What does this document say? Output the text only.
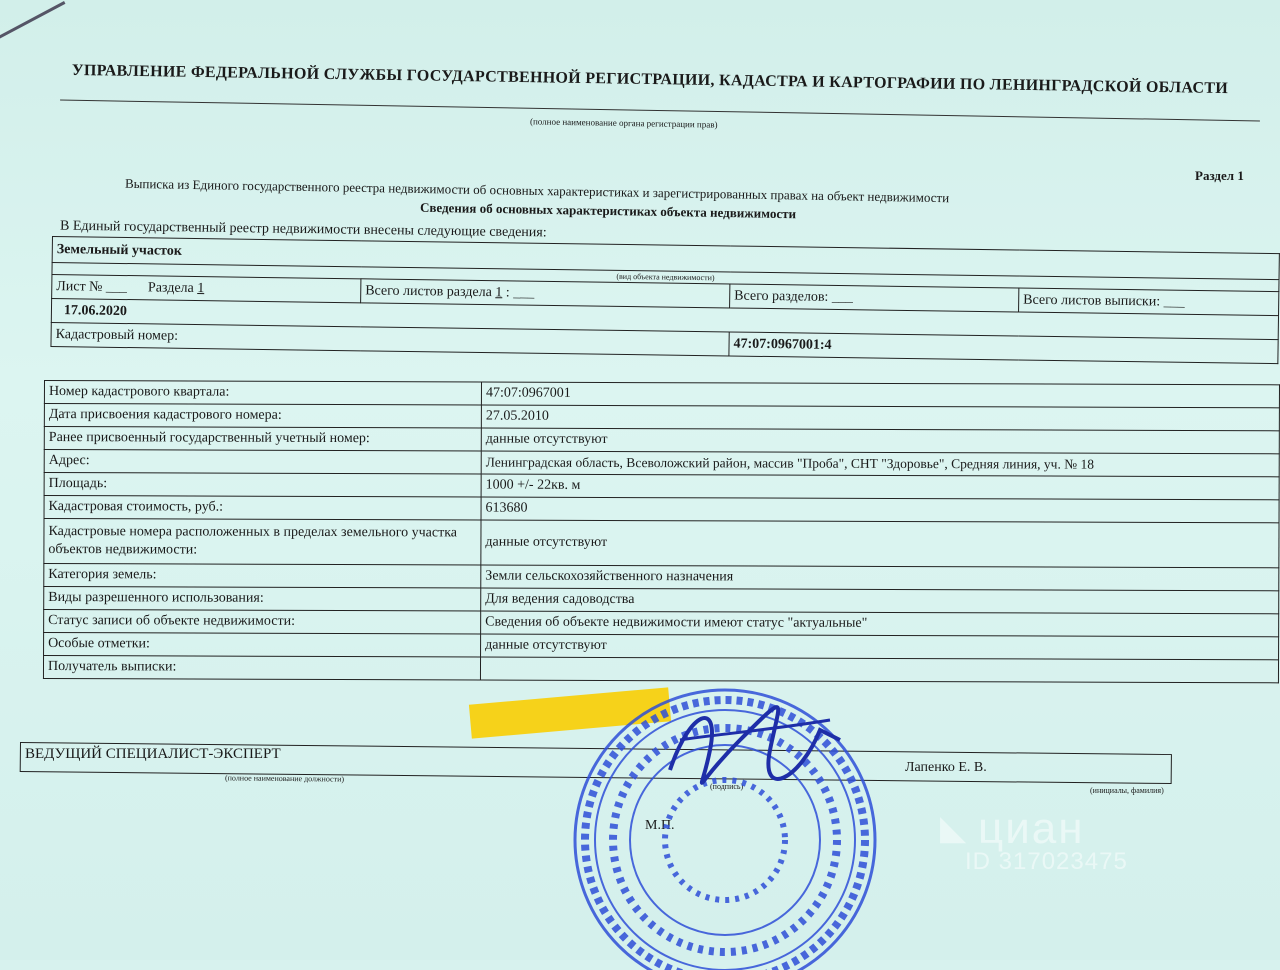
УПРАВЛЕНИЕ ФЕДЕРАЛЬНОЙ СЛУЖБЫ ГОСУДАРСТВЕННОЙ РЕГИСТРАЦИИ, КАДАСТРА И КАРТОГРАФИИ ПО ЛЕНИНГРАДСКОЙ ОБЛАСТИ
(полное наименование органа регистрации прав)
Раздел 1
Выписка из Единого государственного реестра недвижимости об основных характеристиках и зарегистрированных правах на объект недвижимости
Сведения об основных характеристиках объекта недвижимости
В Единый государственный реестр недвижимости внесены следующие сведения:
Земельный участок			
(вид объекта недвижимости)			
Лист № ___      Раздела 1	Всего листов раздела 1 : ___	Всего разделов: ___	Всего листов выписки: ___
17.06.2020			
Кадастровый номер:		47:07:0967001:4	
Номер кадастрового квартала:	47:07:0967001
Дата присвоения кадастрового номера:	27.05.2010
Ранее присвоенный государственный учетный номер:	данные отсутствуют
Адрес:	Ленинградская область, Всеволожский район, массив "Проба", СНТ "Здоровье", Средняя линия, уч. № 18
Площадь:	1000 +/- 22кв. м
Кадастровая стоимость, руб.:	613680
Кадастровые номера расположенных в пределах земельного участка объектов недвижимости:	данные отсутствуют
Категория земель:	Земли сельскохозяйственного назначения
Виды разрешенного использования:	Для ведения садоводства
Статус записи об объекте недвижимости:	Сведения об объекте недвижимости имеют статус "актуальные"
Особые отметки:	данные отсутствуют
Получатель выписки:	
ВЕДУЩИЙ СПЕЦИАЛИСТ-ЭКСПЕРТ
(полное наименование должности)
(подпись)
Лапенко Е. В.
(инициалы, фамилия)
М.П.	◣ циан
ID 317023475
